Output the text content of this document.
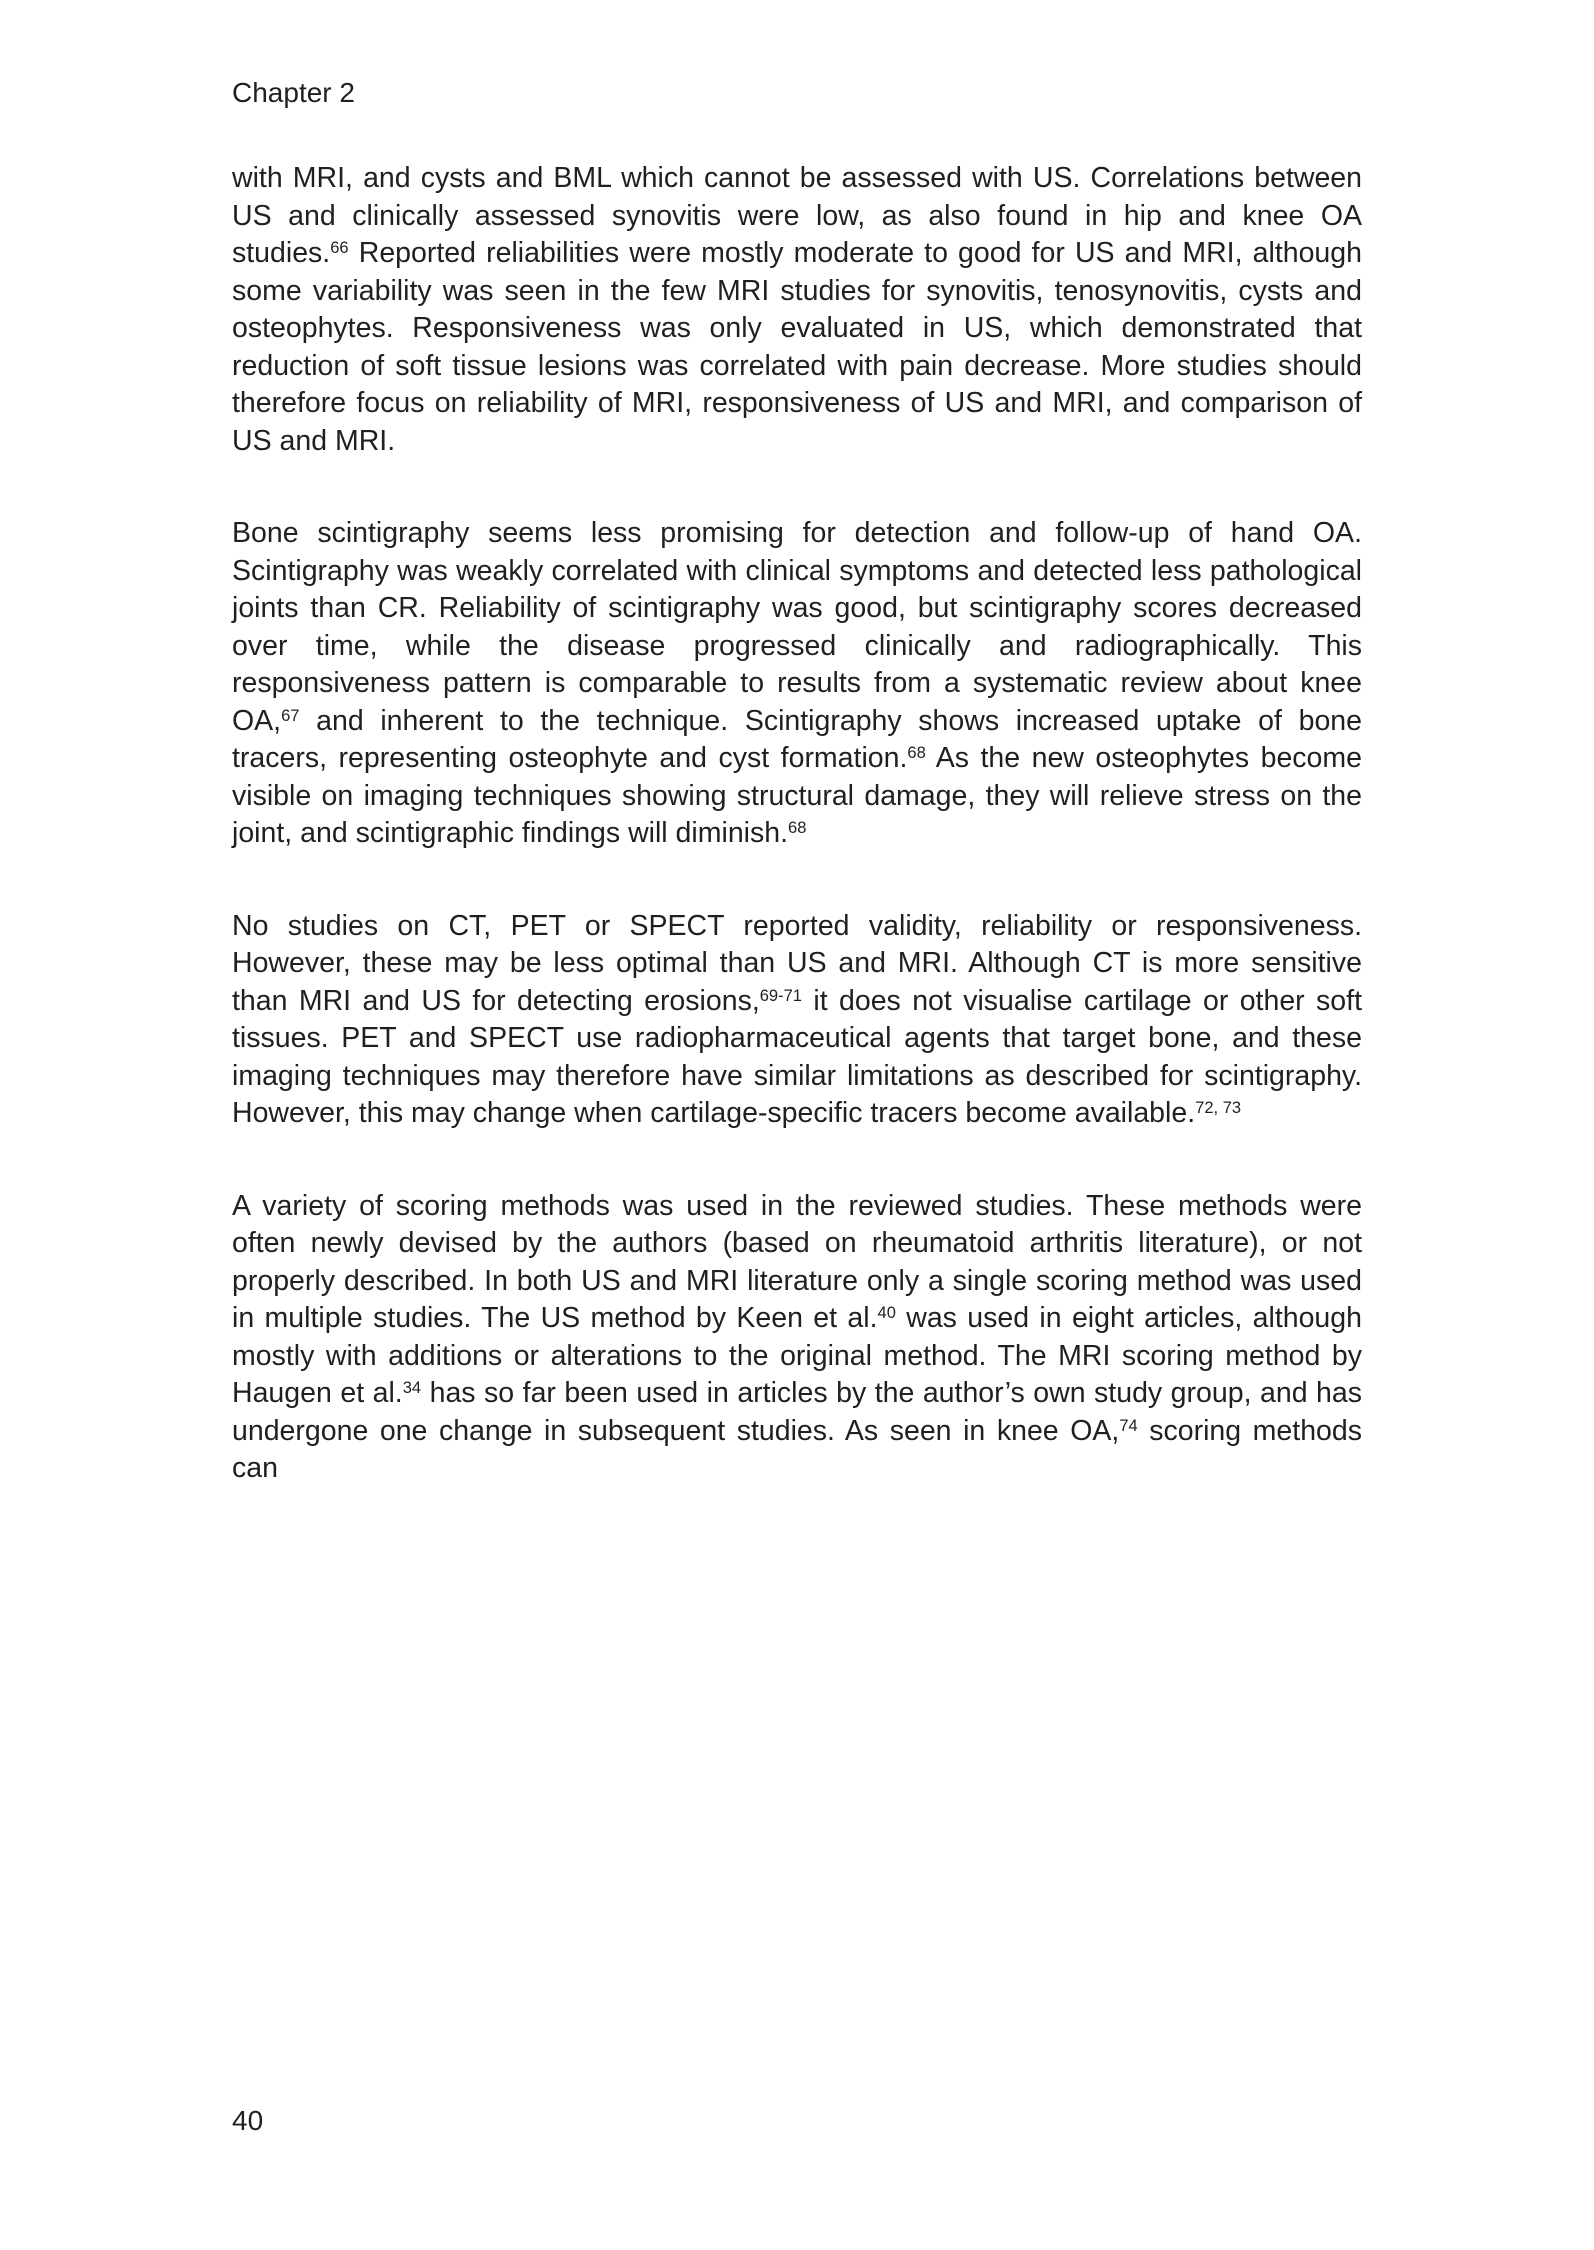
Chapter 2

with MRI, and cysts and BML which cannot be assessed with US. Correlations between US and clinically assessed synovitis were low, as also found in hip and knee OA studies.$^{66}$ Reported reliabilities were mostly moderate to good for US and MRI, although some variability was seen in the few MRI studies for synovitis, tenosynovitis, cysts and osteophytes. Responsiveness was only evaluated in US, which demonstrated that reduction of soft tissue lesions was correlated with pain decrease. More studies should therefore focus on reliability of MRI, responsiveness of US and MRI, and comparison of US and MRI.

Bone scintigraphy seems less promising for detection and follow-up of hand OA. Scintigraphy was weakly correlated with clinical symptoms and detected less pathological joints than CR. Reliability of scintigraphy was good, but scintigraphy scores decreased over time, while the disease progressed clinically and radiographically. This responsiveness pattern is comparable to results from a systematic review about knee OA,$^{67}$ and inherent to the technique. Scintigraphy shows increased uptake of bone tracers, representing osteophyte and cyst formation.$^{68}$ As the new osteophytes become visible on imaging techniques showing structural damage, they will relieve stress on the joint, and scintigraphic findings will diminish.$^{68}$

No studies on CT, PET or SPECT reported validity, reliability or responsiveness. However, these may be less optimal than US and MRI. Although CT is more sensitive than MRI and US for detecting erosions,$^{69-71}$ it does not visualise cartilage or other soft tissues. PET and SPECT use radiopharmaceutical agents that target bone, and these imaging techniques may therefore have similar limitations as described for scintigraphy. However, this may change when cartilage-specific tracers become available.$^{72, 73}$

A variety of scoring methods was used in the reviewed studies. These methods were often newly devised by the authors (based on rheumatoid arthritis literature), or not properly described. In both US and MRI literature only a single scoring method was used in multiple studies. The US method by Keen et al.$^{40}$ was used in eight articles, although mostly with additions or alterations to the original method. The MRI scoring method by Haugen et al.$^{34}$ has so far been used in articles by the author’s own study group, and has undergone one change in subsequent studies. As seen in knee OA,$^{74}$ scoring methods can

40
